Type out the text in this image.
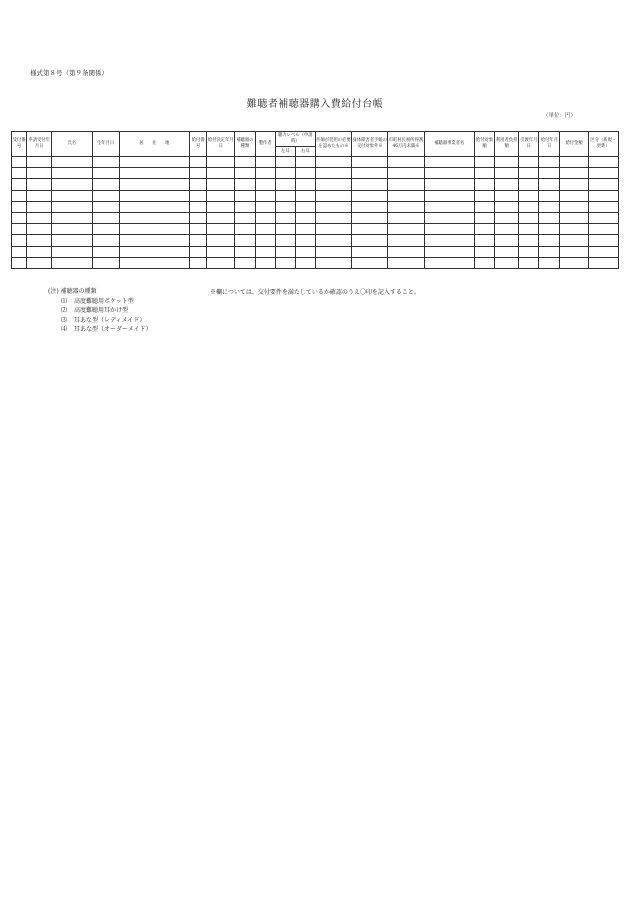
様式第８号（第９条関係）
難聴者補聴器購入費給付台帳
（単位：円）
受付番号	申請受付年月日	氏名	生年月日	居　　住　　地	給付番号	給付決定年月日	補聴器の種類	製作者	聴力レベル（申請時）		医師が装用の必要を認めたもの※	身体障害者手帳の交付対象外※	市町村民税所得割46万円未満※	補聴器事業者名	給付対象額	利用者負担額	引渡年月日	給付年月日	給付金額	区分（新規・更新）
									左耳	右耳										

(注) 補聴器の種類
⑴	高度難聴用ポケット型
⑵	高度難聴用耳かけ型
⑶	耳あな型（レディメイド）
⑷	耳あな型（オーダーメイド）
※欄については、交付要件を満たしているか確認のうえ〇印を記入すること。
